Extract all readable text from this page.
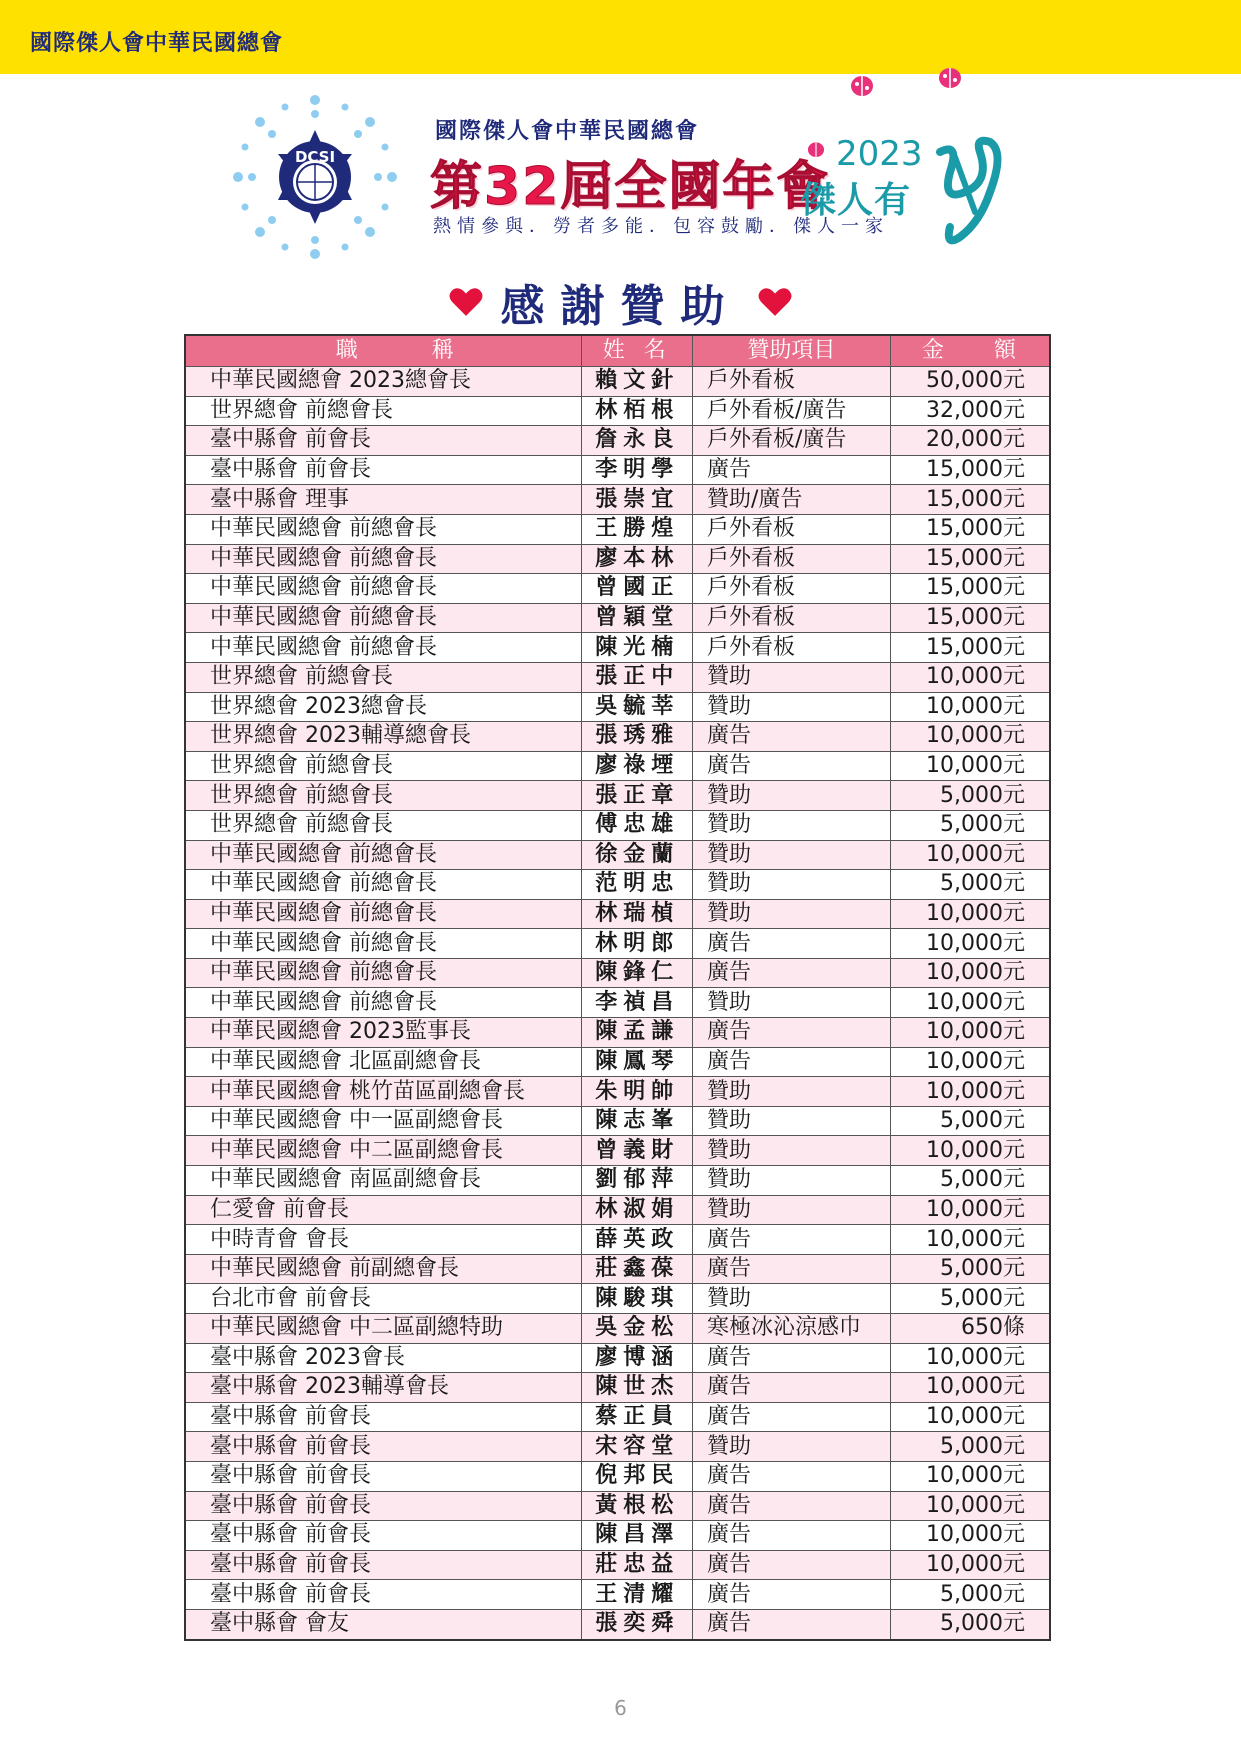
國際傑人會中華民國總會
DCSI
國際傑人會中華民國總會
第32屆全國年會
2023
傑人有
動
熱情參與．勞者多能．包容鼓勵．傑人一家
感謝贊助
職　　　稱	姓 名	贊助項目	金　　額
中華民國總會 2023總會長	賴文針	戶外看板	50,000元
世界總會 前總會長	林栢根	戶外看板/廣告	32,000元
臺中縣會 前會長	詹永良	戶外看板/廣告	20,000元
臺中縣會 前會長	李明學	廣告	15,000元
臺中縣會 理事	張崇宜	贊助/廣告	15,000元
中華民國總會 前總會長	王勝煌	戶外看板	15,000元
中華民國總會 前總會長	廖本林	戶外看板	15,000元
中華民國總會 前總會長	曾國正	戶外看板	15,000元
中華民國總會 前總會長	曾穎堂	戶外看板	15,000元
中華民國總會 前總會長	陳光楠	戶外看板	15,000元
世界總會 前總會長	張正中	贊助	10,000元
世界總會 2023總會長	吳毓莘	贊助	10,000元
世界總會 2023輔導總會長	張琇雅	廣告	10,000元
世界總會 前總會長	廖祿堙	廣告	10,000元
世界總會 前總會長	張正章	贊助	5,000元
世界總會 前總會長	傅忠雄	贊助	5,000元
中華民國總會 前總會長	徐金蘭	贊助	10,000元
中華民國總會 前總會長	范明忠	贊助	5,000元
中華民國總會 前總會長	林瑞楨	贊助	10,000元
中華民國總會 前總會長	林明郎	廣告	10,000元
中華民國總會 前總會長	陳鋒仁	廣告	10,000元
中華民國總會 前總會長	李禎昌	贊助	10,000元
中華民國總會 2023監事長	陳孟謙	廣告	10,000元
中華民國總會 北區副總會長	陳鳳琴	廣告	10,000元
中華民國總會 桃竹苗區副總會長	朱明帥	贊助	10,000元
中華民國總會 中一區副總會長	陳志峯	贊助	5,000元
中華民國總會 中二區副總會長	曾義財	贊助	10,000元
中華民國總會 南區副總會長	劉郁萍	贊助	5,000元
仁愛會 前會長	林淑娟	贊助	10,000元
中時青會 會長	薛英政	廣告	10,000元
中華民國總會 前副總會長	莊鑫葆	廣告	5,000元
台北市會 前會長	陳駿琪	贊助	5,000元
中華民國總會 中二區副總特助	吳金松	寒極冰沁涼感巾	650條
臺中縣會 2023會長	廖博涵	廣告	10,000元
臺中縣會 2023輔導會長	陳世杰	廣告	10,000元
臺中縣會 前會長	蔡正員	廣告	10,000元
臺中縣會 前會長	宋容堂	贊助	5,000元
臺中縣會 前會長	倪邦民	廣告	10,000元
臺中縣會 前會長	黃根松	廣告	10,000元
臺中縣會 前會長	陳昌澤	廣告	10,000元
臺中縣會 前會長	莊忠益	廣告	10,000元
臺中縣會 前會長	王清耀	廣告	5,000元
臺中縣會 會友	張奕舜	廣告	5,000元
6
